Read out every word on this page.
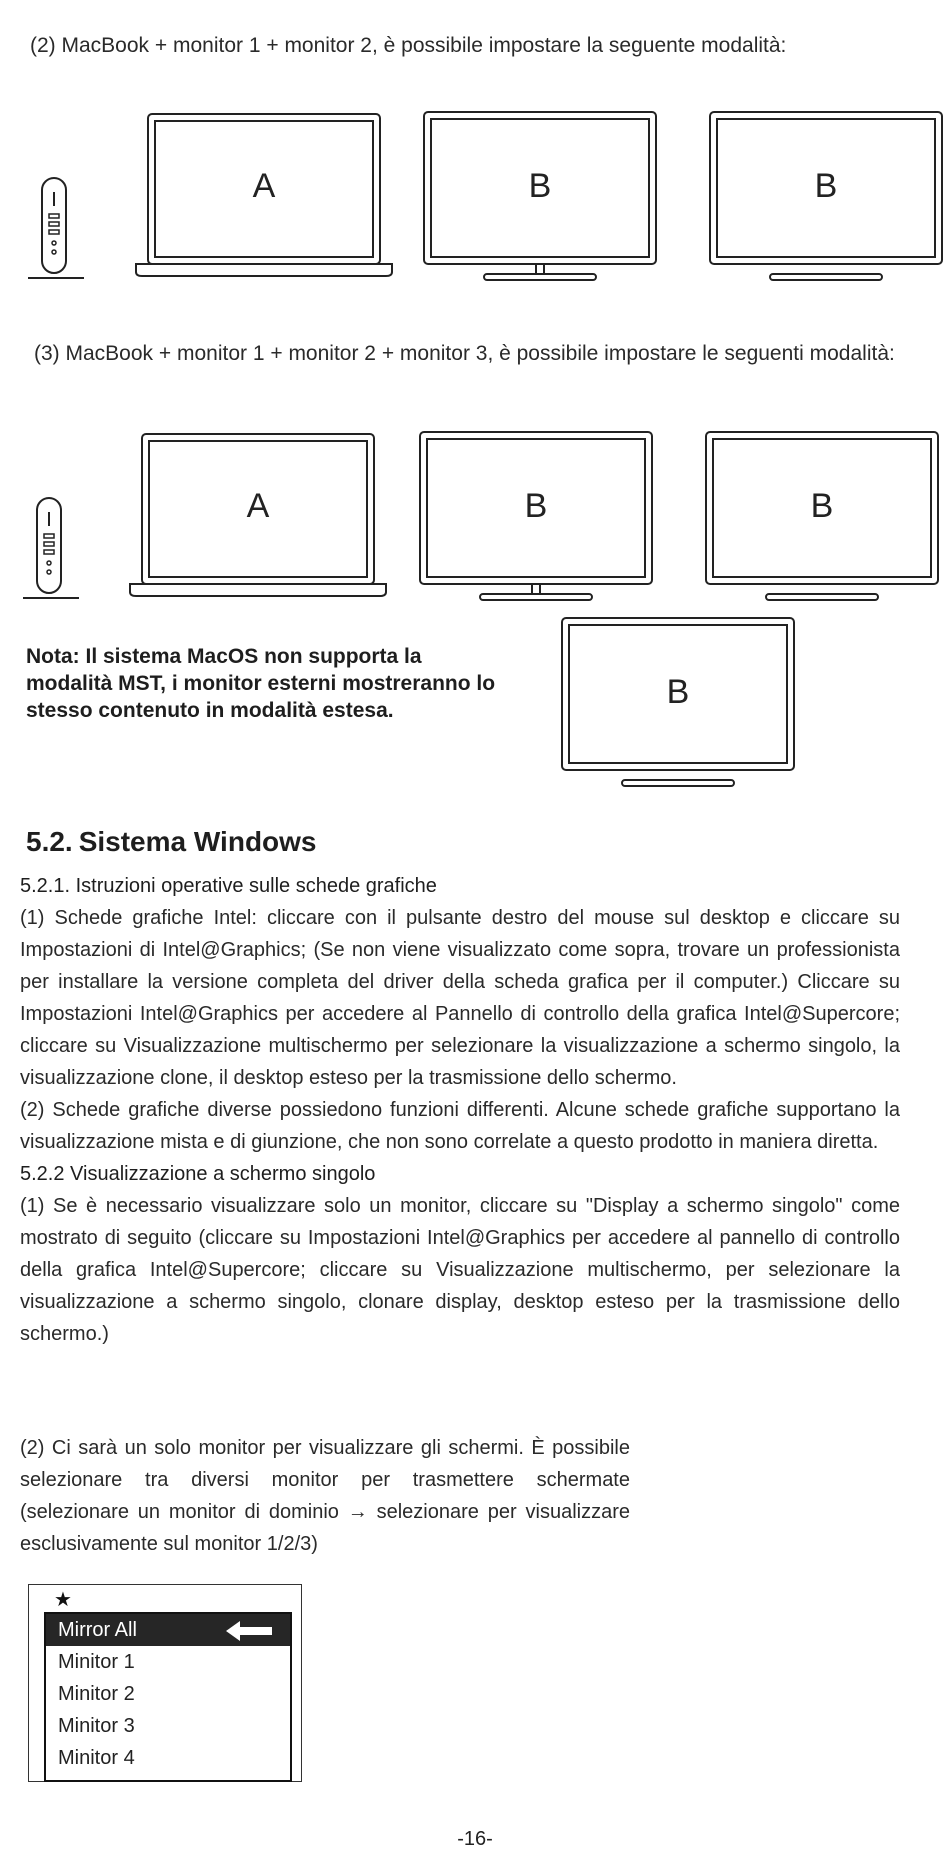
(2) MacBook + monitor 1 + monitor 2, è possibile impostare la seguente modalità:
A	B	B
(3) MacBook + monitor 1 + monitor 2 + monitor 3, è possibile impostare le seguenti modalità:
A	B	B
B
Nota: Il sistema MacOS non supporta la modalità MST, i monitor esterni mostreranno lo stesso contenuto in modalità estesa.
5.2. Sistema Windows
5.2.1. Istruzioni operative sulle schede grafiche

(1) Schede grafiche Intel: cliccare con il pulsante destro del mouse sul desktop e cliccare su Impostazioni di Intel@Graphics; (Se non viene visualizzato come sopra, trovare un professionista per installare la versione completa del driver della scheda grafica per il computer.) Cliccare su Impostazioni Intel@Graphics per accedere al Pannello di controllo della grafica Intel@Supercore; cliccare su Visualizzazione multischermo per selezionare la visualizzazione a schermo singolo, la visualizzazione clone, il desktop esteso per la trasmissione dello schermo.

(2) Schede grafiche diverse possiedono funzioni differenti. Alcune schede grafiche supportano la visualizzazione mista e di giunzione, che non sono correlate a questo prodotto in maniera diretta.

5.2.2 Visualizzazione a schermo singolo

(1) Se è necessario visualizzare solo un monitor, cliccare su "Display a schermo singolo" come mostrato di seguito (cliccare su Impostazioni Intel@Graphics per accedere al pannello di controllo della grafica Intel@Supercore; cliccare su Visualizzazione multischermo, per selezionare la visualizzazione a schermo singolo, clonare display, desktop esteso per la trasmissione dello schermo.)

(2) Ci sarà un solo monitor per visualizzare gli schermi. È possibile selezionare tra diversi monitor per trasmettere schermate (selezionare un monitor di dominio → selezionare per visualizzare esclusivamente sul monitor 1/2/3)

★
Mirror All
Minitor 1
Minitor 2
Minitor 3
Minitor 4
-16-
